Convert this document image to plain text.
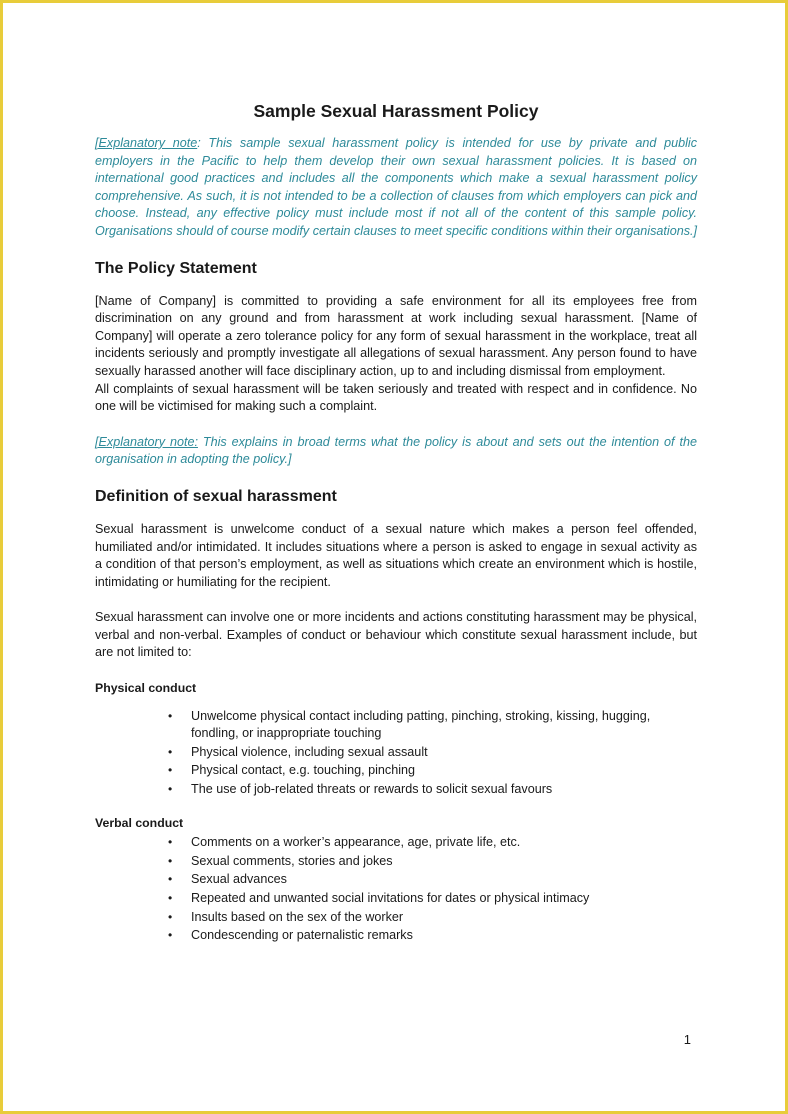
Sample Sexual Harassment Policy

[Explanatory note: This sample sexual harassment policy is intended for use by private and public employers in the Pacific to help them develop their own sexual harassment policies. It is based on international good practices and includes all the components which make a sexual harassment policy comprehensive. As such, it is not intended to be a collection of clauses from which employers can pick and choose. Instead, any effective policy must include most if not all of the content of this sample policy. Organisations should of course modify certain clauses to meet specific conditions within their organisations.]

The Policy Statement

[Name of Company] is committed to providing a safe environment for all its employees free from discrimination on any ground and from harassment at work including sexual harassment. [Name of Company] will operate a zero tolerance policy for any form of sexual harassment in the workplace, treat all incidents seriously and promptly investigate all allegations of sexual harassment. Any person found to have sexually harassed another will face disciplinary action, up to and including dismissal from employment.

All complaints of sexual harassment will be taken seriously and treated with respect and in confidence. No one will be victimised for making such a complaint.

[Explanatory note: This explains in broad terms what the policy is about and sets out the intention of the organisation in adopting the policy.]

Definition of sexual harassment

Sexual harassment is unwelcome conduct of a sexual nature which makes a person feel offended, humiliated and/or intimidated. It includes situations where a person is asked to engage in sexual activity as a condition of that person’s employment, as well as situations which create an environment which is hostile, intimidating or humiliating for the recipient.

Sexual harassment can involve one or more incidents and actions constituting harassment may be physical, verbal and non-verbal. Examples of conduct or behaviour which constitute sexual harassment include, but are not limited to:

Physical conduct
• Unwelcome physical contact including patting, pinching, stroking, kissing, hugging, fondling, or inappropriate touching
• Physical violence, including sexual assault
• Physical contact, e.g. touching, pinching
• The use of job-related threats or rewards to solicit sexual favours
Verbal conduct
• Comments on a worker’s appearance, age, private life, etc.
• Sexual comments, stories and jokes
• Sexual advances
• Repeated and unwanted social invitations for dates or physical intimacy
• Insults based on the sex of the worker
• Condescending or paternalistic remarks
1
